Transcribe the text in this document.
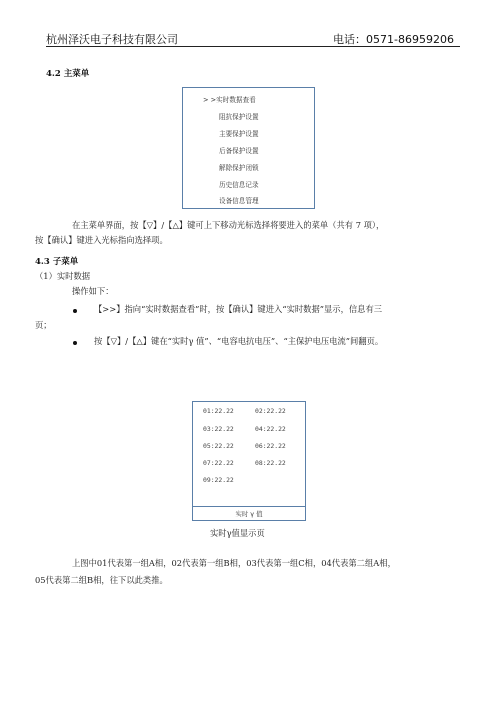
杭州泽沃电子科技有限公司	电话：0571-86959206
4.2 主菜单
> >实时数据查看
阻抗保护设置
主要保护设置
后备保护设置
解除保护闭锁
历史信息记录
设备信息管理
在主菜单界面，按【▽】/【△】键可上下移动光标选择将要进入的菜单（共有 7 项），
按【确认】键进入光标指向选择项。
4.3 子菜单
（1）实时数据
操作如下：
【>>】指向“实时数据查看”时，按【确认】键进入“实时数据”显示，信息有三
页；
按【▽】/【△】键在“实时γ 值”、“电容电抗电压”、“主保护电压电流”间翻页。
01:22.22	02:22.22
03:22.22	04:22.22
05:22.22	06:22.22
07:22.22	08:22.22
09:22.22
实时 γ 值
实时γ值显示页
上图中01代表第一组A相，02代表第一组B相，03代表第一组C相，04代表第二组A相，
05代表第二组B相，往下以此类推。
